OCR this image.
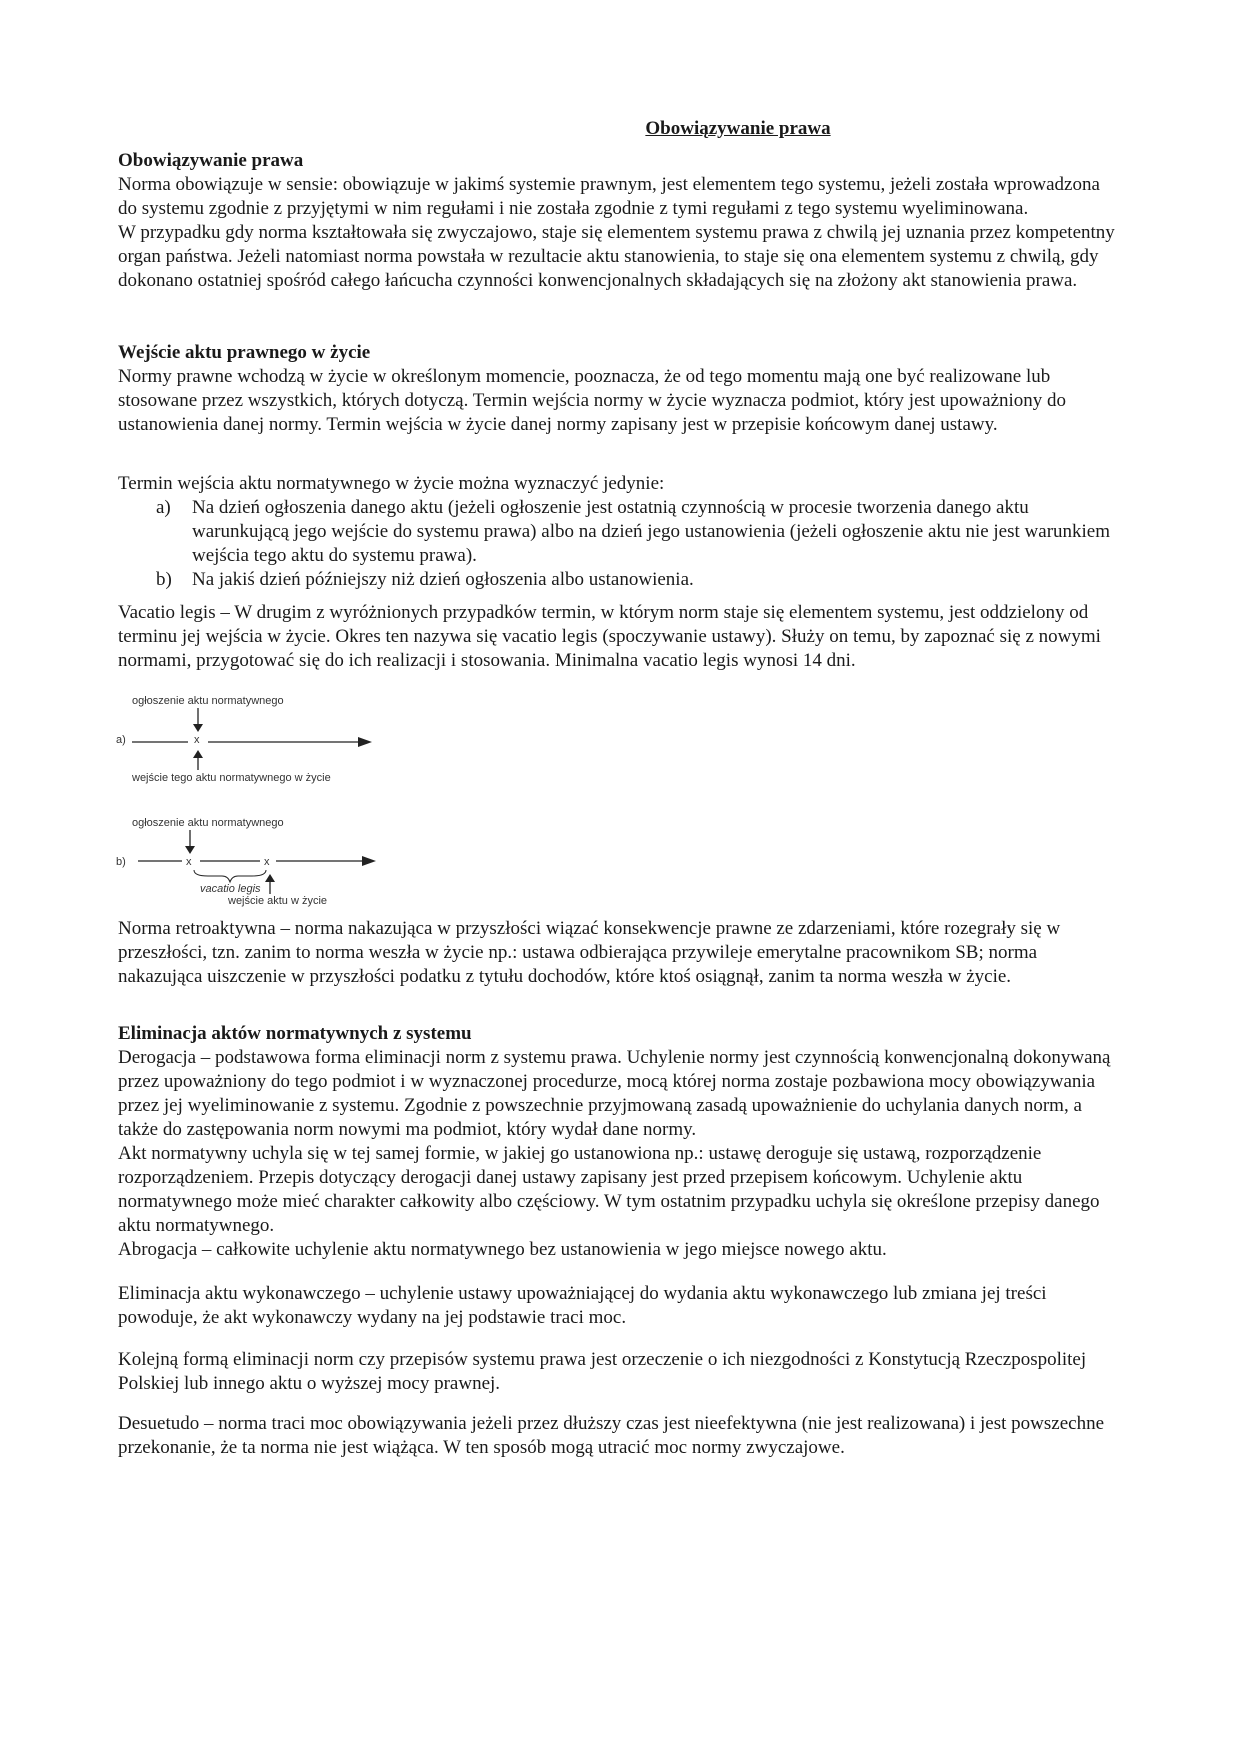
Obowiązywanie prawa

Obowiązywanie prawa

Norma obowiązuje w sensie: obowiązuje w jakimś systemie prawnym, jest elementem tego systemu, jeżeli została wprowadzona do systemu zgodnie z przyjętymi w nim regułami i nie została zgodnie z tymi regułami z tego systemu wyeliminowana.

W przypadku gdy norma kształtowała się zwyczajowo, staje się elementem systemu prawa z chwilą jej uznania przez kompetentny organ państwa. Jeżeli natomiast norma powstała w rezultacie aktu stanowienia, to staje się ona elementem systemu z chwilą, gdy dokonano ostatniej spośród całego łańcucha czynności konwencjonalnych składających się na złożony akt stanowienia prawa.

Wejście aktu prawnego w życie

Normy prawne wchodzą w życie w określonym momencie, pooznacza, że od tego momentu mają one być realizowane lub stosowane przez wszystkich, których dotyczą. Termin wejścia normy w życie wyznacza podmiot, który jest upoważniony do ustanowienia danej normy. Termin wejścia w życie danej normy zapisany jest w przepisie końcowym danej ustawy.

Termin wejścia aktu normatywnego w życie można wyznaczyć jedynie:

a) Na dzień ogłoszenia danego aktu (jeżeli ogłoszenie jest ostatnią czynnością w procesie tworzenia danego aktu warunkującą jego wejście do systemu prawa) albo na dzień jego ustanowienia (jeżeli ogłoszenie aktu nie jest warunkiem wejścia tego aktu do systemu prawa).
b) Na jakiś dzień późniejszy niż dzień ogłoszenia albo ustanowienia.

Vacatio legis – W drugim z wyróżnionych przypadków termin, w którym norm staje się elementem systemu, jest oddzielony od terminu jej wejścia w życie. Okres ten nazywa się vacatio legis (spoczywanie ustawy). Służy on temu, by zapoznać się z nowymi normami, przygotować się do ich realizacji i stosowania. Minimalna vacatio legis wynosi 14 dni.

ogłoszenie aktu normatywnego
a)	x
wejście tego aktu normatywnego w życie
ogłoszenie aktu normatywnego
b)	x	x
vacatio legis
wejście aktu w życie

Norma retroaktywna – norma nakazująca w przyszłości wiązać konsekwencje prawne ze zdarzeniami, które rozegrały się w przeszłości, tzn. zanim to norma weszła w życie np.: ustawa odbierająca przywileje emerytalne pracownikom SB; norma nakazująca uiszczenie w przyszłości podatku z tytułu dochodów, które ktoś osiągnął, zanim ta norma weszła w życie.

Eliminacja aktów normatywnych z systemu

Derogacja – podstawowa forma eliminacji norm z systemu prawa. Uchylenie normy jest czynnością konwencjonalną dokonywaną przez upoważniony do tego podmiot i w wyznaczonej procedurze, mocą której norma zostaje pozbawiona mocy obowiązywania przez jej wyeliminowanie z systemu. Zgodnie z powszechnie przyjmowaną zasadą upoważnienie do uchylania danych norm, a także do zastępowania norm nowymi ma podmiot, który wydał dane normy.

Akt normatywny uchyla się w tej samej formie, w jakiej go ustanowiona np.: ustawę deroguje się ustawą, rozporządzenie rozporządzeniem. Przepis dotyczący derogacji danej ustawy zapisany jest przed przepisem końcowym. Uchylenie aktu normatywnego może mieć charakter całkowity albo częściowy. W tym ostatnim przypadku uchyla się określone przepisy danego aktu normatywnego.

Abrogacja – całkowite uchylenie aktu normatywnego bez ustanowienia w jego miejsce nowego aktu.

Eliminacja aktu wykonawczego – uchylenie ustawy upoważniającej do wydania aktu wykonawczego lub zmiana jej treści powoduje, że akt wykonawczy wydany na jej podstawie traci moc.

Kolejną formą eliminacji norm czy przepisów systemu prawa jest orzeczenie o ich niezgodności z Konstytucją Rzeczpospolitej Polskiej lub innego aktu o wyższej mocy prawnej.

Desuetudo – norma traci moc obowiązywania jeżeli przez dłuższy czas jest nieefektywna (nie jest realizowana) i jest powszechne przekonanie, że ta norma nie jest wiążąca. W ten sposób mogą utracić moc normy zwyczajowe.
